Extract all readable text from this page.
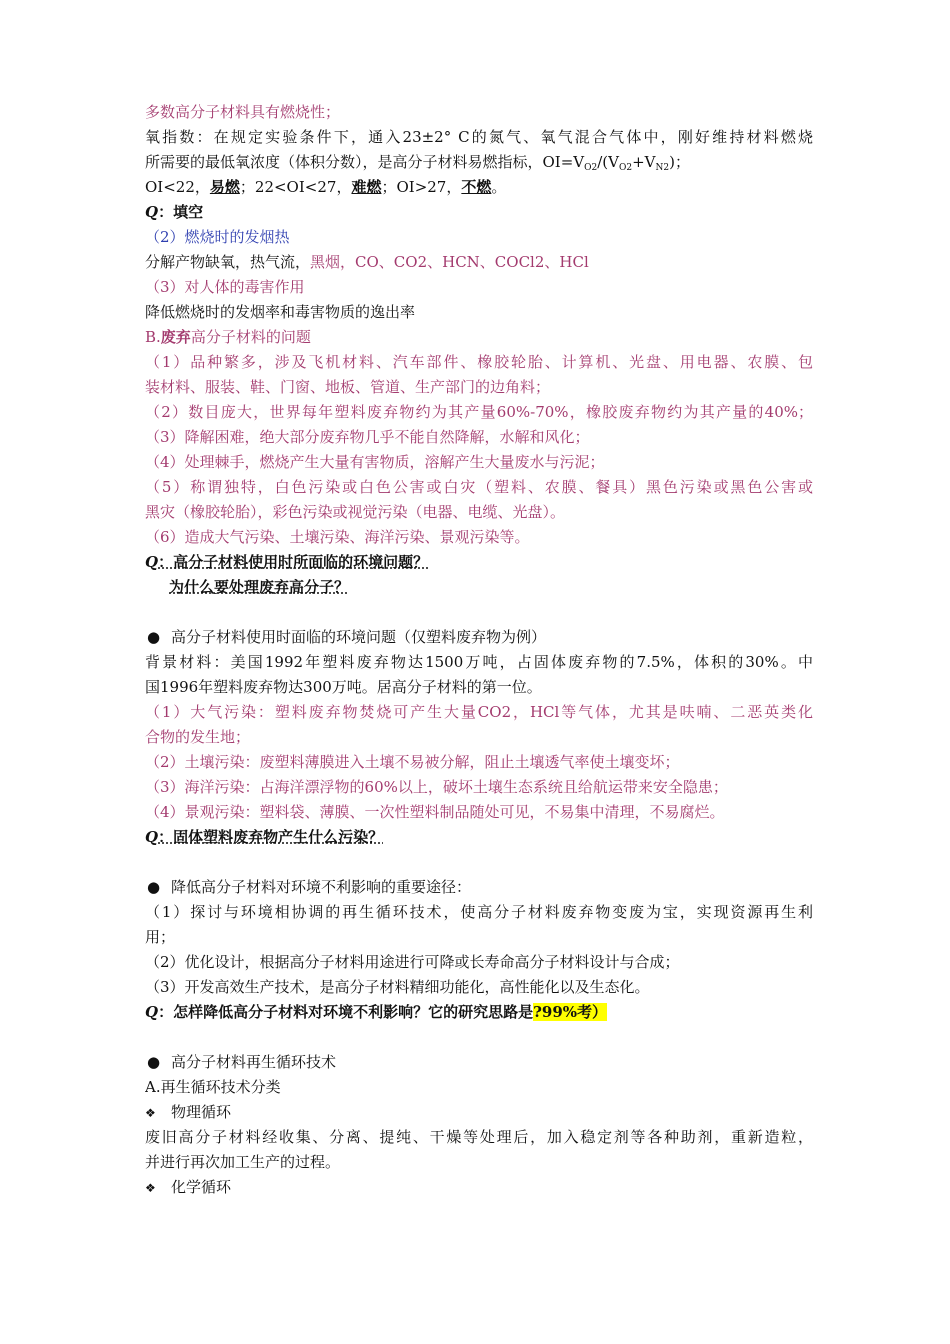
多数高分子材料具有燃烧性；
氧指数：在规定实验条件下，通入23±2° C的氮气、氧气混合气体中，刚好维持材料燃烧
所需要的最低氧浓度（体积分数），是高分子材料易燃指标，$OI=V_{O2}/(V_{O2}+V_{N2})$；
OI<22，易燃；22<OI<27，难燃；OI>27，不燃。
Q：填空
（2）燃烧时的发烟热
分解产物缺氧，热气流，黑烟，CO、CO2、HCN、COCl2、HCl
（3）对人体的毒害作用
降低燃烧时的发烟率和毒害物质的逸出率
B.废弃高分子材料的问题
（1）品种繁多，涉及飞机材料、汽车部件、橡胶轮胎、计算机、光盘、用电器、农膜、包
装材料、服装、鞋、门窗、地板、管道、生产部门的边角料；
（2）数目庞大，世界每年塑料废弃物约为其产量60%-70%，橡胶废弃物约为其产量的40%；
（3）降解困难，绝大部分废弃物几乎不能自然降解，水解和风化；
（4）处理棘手，燃烧产生大量有害物质，溶解产生大量废水与污泥；
（5）称谓独特，白色污染或白色公害或白灾（塑料、农膜、餐具）黑色污染或黑色公害或
黑灾（橡胶轮胎），彩色污染或视觉污染（电器、电缆、光盘）。
（6）造成大气污染、土壤污染、海洋污染、景观污染等。
Q：高分子材料使用时所面临的环境问题？
为什么要处理废弃高分子？
● 高分子材料使用时面临的环境问题（仅塑料废弃物为例）
背景材料：美国1992年塑料废弃物达1500万吨，占固体废弃物的7.5%，体积的30%。中
国1996年塑料废弃物达300万吨。居高分子材料的第一位。
（1）大气污染：塑料废弃物焚烧可产生大量CO2，HCl等气体，尤其是呋喃、二恶英类化
合物的发生地；
（2）土壤污染：废塑料薄膜进入土壤不易被分解，阻止土壤透气率使土壤变坏；
（3）海洋污染：占海洋漂浮物的60%以上，破坏土壤生态系统且给航运带来安全隐患；
（4）景观污染：塑料袋、薄膜、一次性塑料制品随处可见，不易集中清理，不易腐烂。
Q：固体塑料废弃物产生什么污染？
● 降低高分子材料对环境不利影响的重要途径：
（1）探讨与环境相协调的再生循环技术，使高分子材料废弃物变废为宝，实现资源再生利
用；
（2）优化设计，根据高分子材料用途进行可降或长寿命高分子材料设计与合成；
（3）开发高效生产技术，是高分子材料精细功能化，高性能化以及生态化。
Q：怎样降低高分子材料对环境不利影响？它的研究思路是?99%考）
● 高分子材料再生循环技术
A.再生循环技术分类
❖ 物理循环
废旧高分子材料经收集、分离、提纯、干燥等处理后，加入稳定剂等各种助剂，重新造粒，
并进行再次加工生产的过程。
❖ 化学循环
